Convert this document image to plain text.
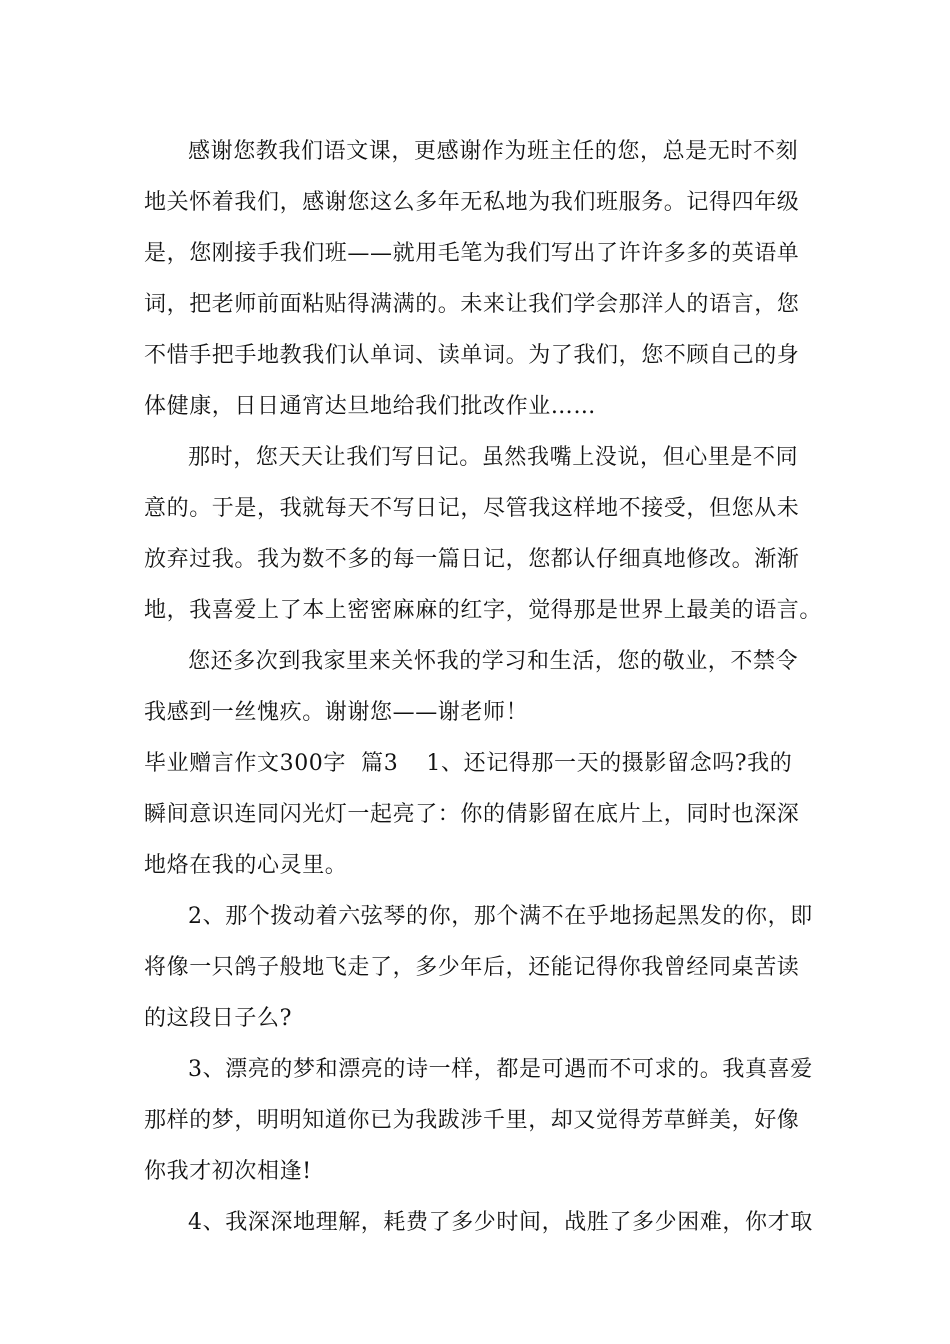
感谢您教我们语文课，更感谢作为班主任的您，总是无时不刻
地关怀着我们，感谢您这么多年无私地为我们班服务。记得四年级
是，您刚接手我们班——就用毛笔为我们写出了许许多多的英语单
词，把老师前面粘贴得满满的。未来让我们学会那洋人的语言，您
不惜手把手地教我们认单词、读单词。为了我们，您不顾自己的身
体健康，日日通宵达旦地给我们批改作业……
那时，您天天让我们写日记。虽然我嘴上没说，但心里是不同
意的。于是，我就每天不写日记，尽管我这样地不接受，但您从未
放弃过我。我为数不多的每一篇日记，您都认仔细真地修改。渐渐
地，我喜爱上了本上密密麻麻的红字，觉得那是世界上最美的语言。
您还多次到我家里来关怀我的学习和生活，您的敬业，不禁令
我感到一丝愧疚。谢谢您——谢老师！
毕业赠言作文300字  篇3 1、还记得那一天的摄影留念吗?我的
瞬间意识连同闪光灯一起亮了：你的倩影留在底片上，同时也深深
地烙在我的心灵里。
2、那个拨动着六弦琴的你，那个满不在乎地扬起黑发的你，即
将像一只鸽子般地飞走了，多少年后，还能记得你我曾经同桌苦读
的这段日子么?
3、漂亮的梦和漂亮的诗一样，都是可遇而不可求的。我真喜爱
那样的梦，明明知道你已为我跋涉千里，却又觉得芳草鲜美，好像
你我才初次相逢!
4、我深深地理解，耗费了多少时间，战胜了多少困难，你才取
